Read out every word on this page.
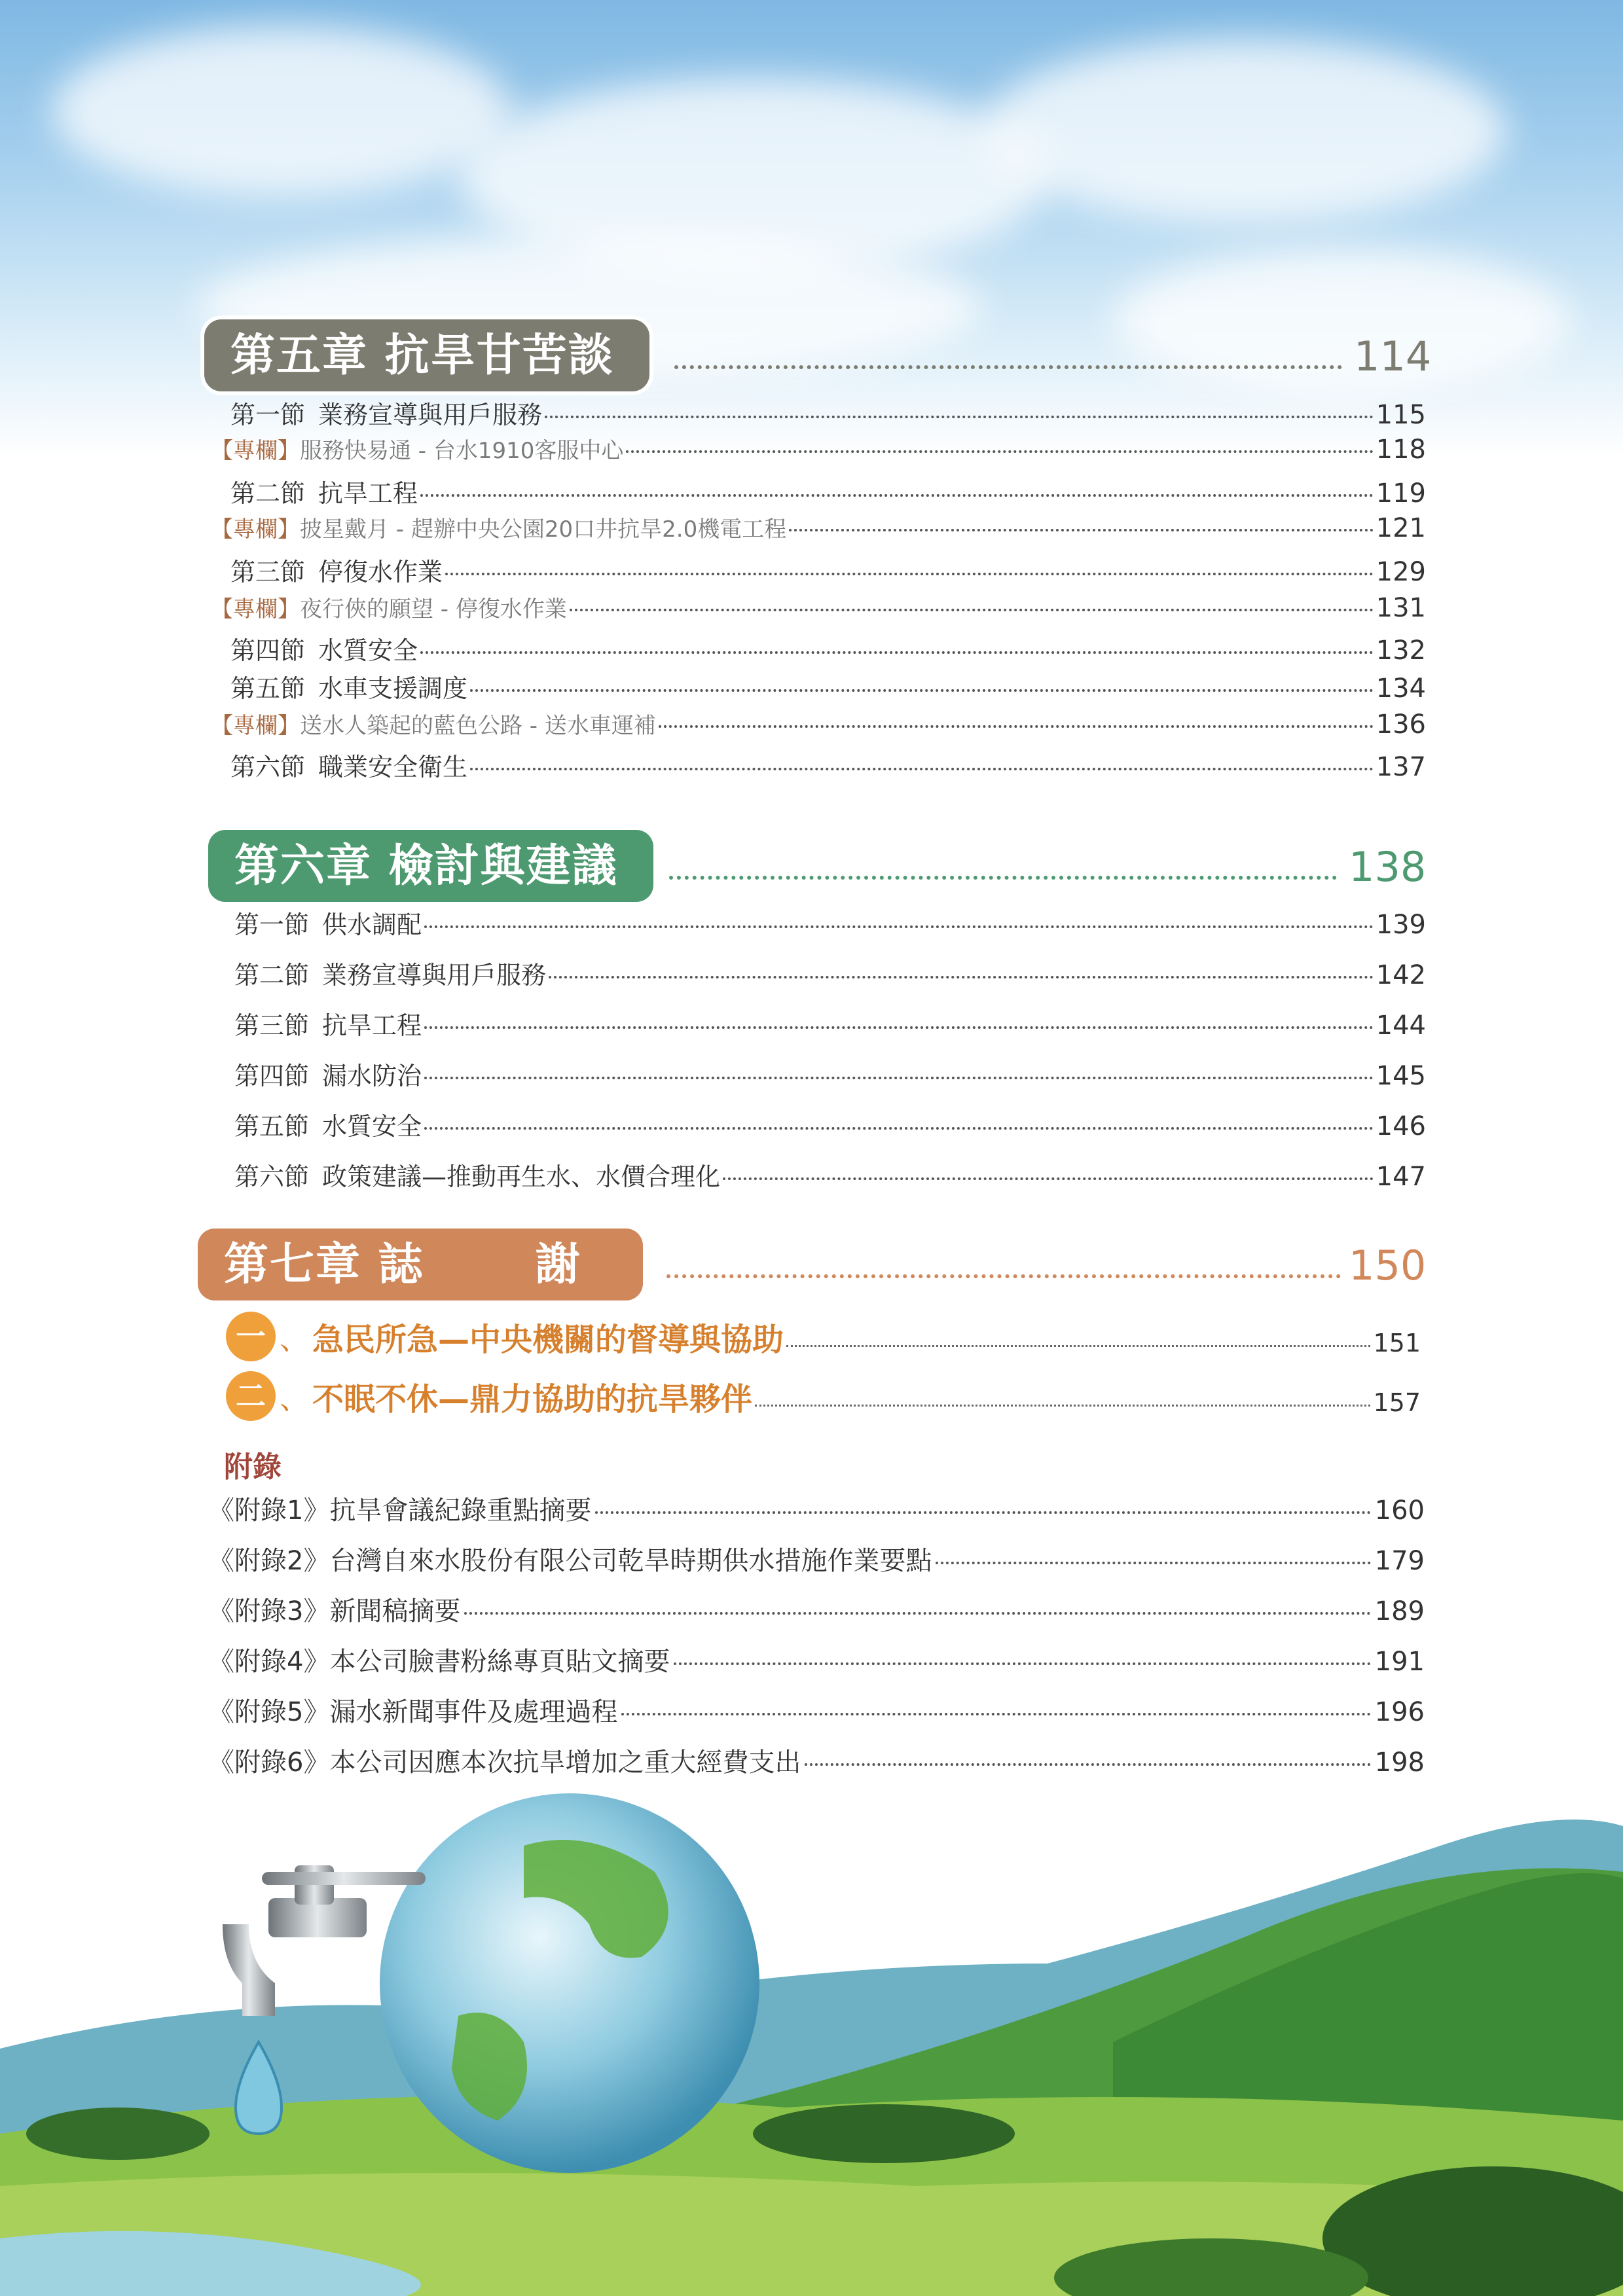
第五章 抗旱甘苦談	114
第一節 業務宣導與用戶服務	115
【專欄】 服務快易通 - 台水1910客服中心	118
第二節 抗旱工程	119
【專欄】 披星戴月 - 趕辦中央公園20口井抗旱2.0機電工程	121
第三節 停復水作業	129
【專欄】 夜行俠的願望 - 停復水作業	131
第四節 水質安全	132
第五節 水車支援調度	134
【專欄】 送水人築起的藍色公路 - 送水車運補	136
第六節 職業安全衛生	137
第六章 檢討與建議	138
第一節 供水調配	139
第二節 業務宣導與用戶服務	142
第三節 抗旱工程	144
第四節 漏水防治	145
第五節 水質安全	146
第六節 政策建議—推動再生水、水價合理化	147
第七章 誌	謝	150
一 、 急民所急—中央機關的督導與協助	151
二 、 不眠不休—鼎力協助的抗旱夥伴	157
附錄
《附錄1》 抗旱會議紀錄重點摘要	160
《附錄2》 台灣自來水股份有限公司乾旱時期供水措施作業要點	179
《附錄3》 新聞稿摘要	189
《附錄4》 本公司臉書粉絲專頁貼文摘要	191
《附錄5》 漏水新聞事件及處理過程	196
《附錄6》 本公司因應本次抗旱增加之重大經費支出	198
